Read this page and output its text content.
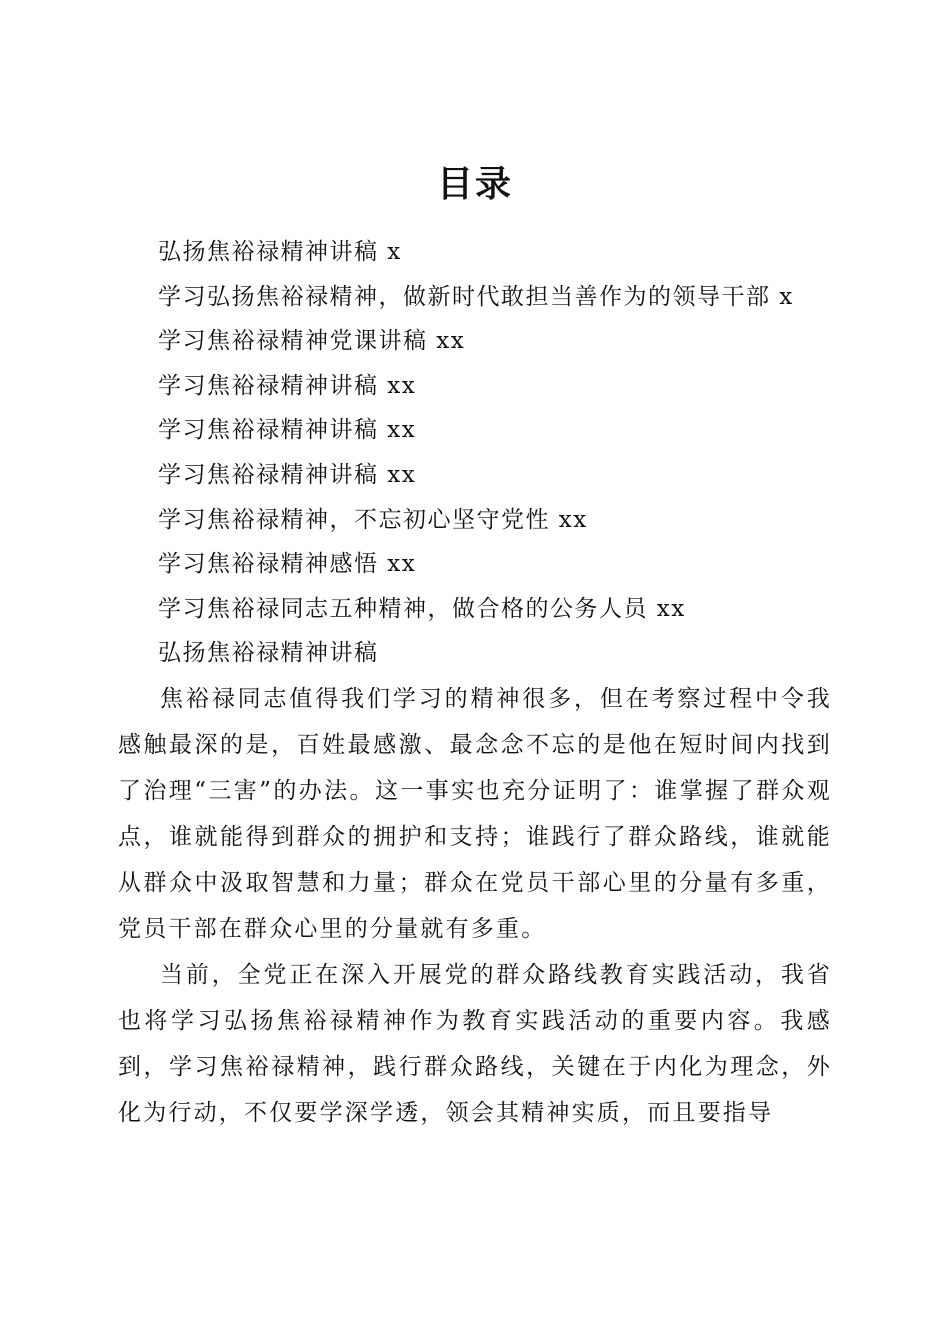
目录
弘扬焦裕禄精神讲稿 x
学习弘扬焦裕禄精神，做新时代敢担当善作为的领导干部 x
学习焦裕禄精神党课讲稿 xx
学习焦裕禄精神讲稿 xx
学习焦裕禄精神讲稿 xx
学习焦裕禄精神讲稿 xx
学习焦裕禄精神，不忘初心坚守党性 xx
学习焦裕禄精神感悟 xx
学习焦裕禄同志五种精神，做合格的公务人员 xx
弘扬焦裕禄精神讲稿

焦裕禄同志值得我们学习的精神很多，但在考察过程中令我感触最深的是，百姓最感激、最念念不忘的是他在短时间内找到了治理“三害”的办法。这一事实也充分证明了：谁掌握了群众观点，谁就能得到群众的拥护和支持；谁践行了群众路线，谁就能从群众中汲取智慧和力量；群众在党员干部心里的分量有多重，党员干部在群众心里的分量就有多重。

当前，全党正在深入开展党的群众路线教育实践活动，我省也将学习弘扬焦裕禄精神作为教育实践活动的重要内容。我感到，学习焦裕禄精神，践行群众路线，关键在于内化为理念，外化为行动，不仅要学深学透，领会其精神实质，而且要指导
